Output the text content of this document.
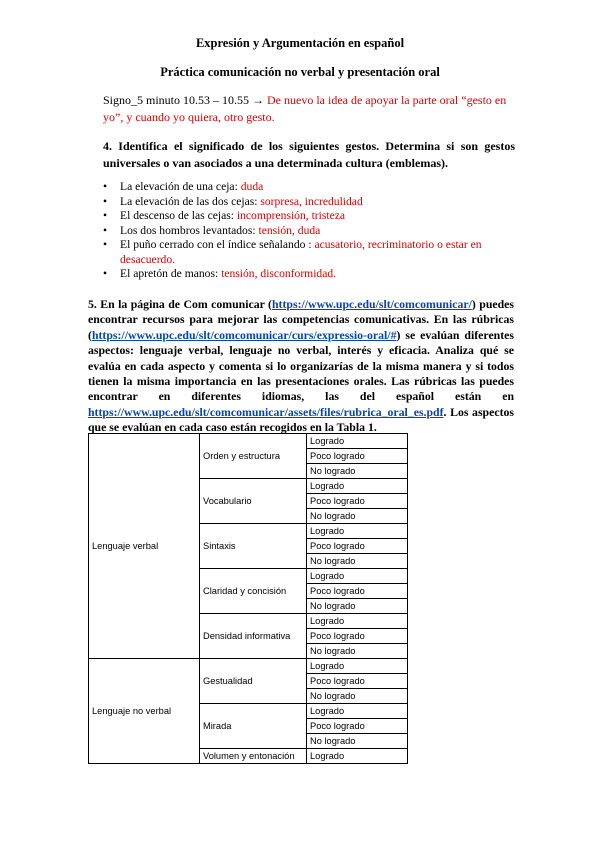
Expresión y Argumentación en español
Práctica comunicación no verbal y presentación oral
Signo_5 minuto 10.53 – 10.55 → De nuevo la idea de apoyar la parte oral “gesto en yo”, y cuando yo quiera, otro gesto.
4. Identifica el significado de los siguientes gestos. Determina si son gestos universales o van asociados a una determinada cultura (emblemas).
• La elevación de una ceja: duda
• La elevación de las dos cejas: sorpresa, incredulidad
• El descenso de las cejas: incomprensión, tristeza
• Los dos hombros levantados: tensión, duda
• El puño cerrado con el índice señalando : acusatorio, recriminatorio o estar en desacuerdo.
• El apretón de manos: tensión, disconformidad.
5. En la página de Com comunicar (https://www.upc.edu/slt/comcomunicar/) puedes encontrar recursos para mejorar las competencias comunicativas. En las rúbricas (https://www.upc.edu/slt/comcomunicar/curs/expressio-oral/#) se evalúan diferentes aspectos: lenguaje verbal, lenguaje no verbal, interés y eficacia. Analiza qué se evalúa en cada aspecto y comenta si lo organizarías de la misma manera y si todos tienen la misma importancia en las presentaciones orales. Las rúbricas las puedes encontrar en diferentes idiomas, las del español están en https://www.upc.edu/slt/comcomunicar/assets/files/rubrica_oral_es.pdf. Los aspectos que se evalúan en cada caso están recogidos en la Tabla 1.
Lenguaje verbal	Orden y estructura	Logrado
		Poco logrado
		No logrado
	Vocabulario	Logrado
		Poco logrado
		No logrado
	Sintaxis	Logrado
		Poco logrado
		No logrado
	Claridad y concisión	Logrado
		Poco logrado
		No logrado
	Densidad informativa	Logrado
		Poco logrado
		No logrado
Lenguaje no verbal	Gestualidad	Logrado
		Poco logrado
		No logrado
	Mirada	Logrado
		Poco logrado
		No logrado
	Volumen y entonación	Logrado
